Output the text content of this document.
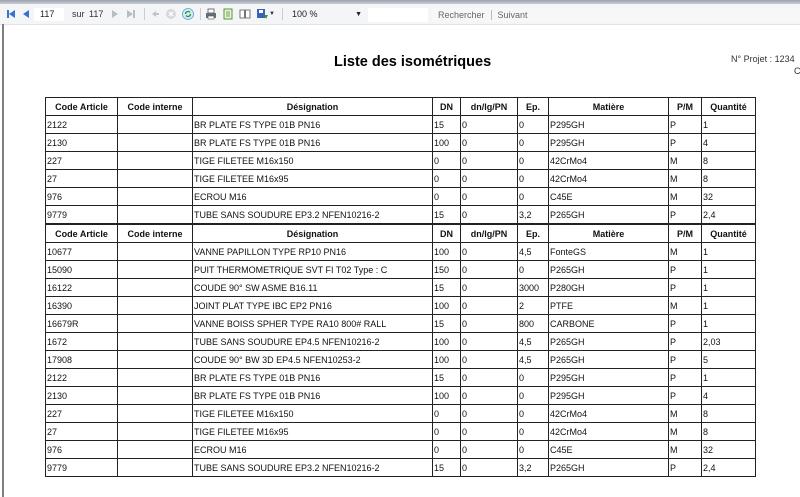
117	sur 117	▼	100 %	▼	Rechercher	Suivant
Liste des isométriques	N° Projet : 1234
C
Code Article	Code interne	Désignation	DN	dn/lg/PN	Ep.	Matière	P/M	Quantité
2122		BR PLATE FS TYPE 01B PN16	15	0	0	P295GH	P	1
2130		BR PLATE FS TYPE 01B PN16	100	0	0	P295GH	P	4
227		TIGE FILETEE M16x150	0	0	0	42CrMo4	M	8
27		TIGE FILETEE M16x95	0	0	0	42CrMo4	M	8
976		ECROU M16	0	0	0	C45E	M	32
9779		TUBE SANS SOUDURE EP3.2 NFEN10216-2	15	0	3,2	P265GH	P	2,4
Code Article	Code interne	Désignation	DN	dn/lg/PN	Ep.	Matière	P/M	Quantité
10677		VANNE PAPILLON TYPE RP10 PN16	100	0	4,5	FonteGS	M	1
15090		PUIT THERMOMETRIQUE SVT FI T02 Type : C	150	0	0	P265GH	P	1
16122		COUDE 90° SW ASME B16.11	15	0	3000	P280GH	P	1
16390		JOINT PLAT TYPE IBC EP2 PN16	100	0	2	PTFE	M	1
16679R		VANNE BOISS SPHER TYPE RA10 800# RALL	15	0	800	CARBONE	P	1
1672		TUBE SANS SOUDURE EP4.5 NFEN10216-2	100	0	4,5	P265GH	P	2,03
17908		COUDE 90° BW 3D EP4.5 NFEN10253-2	100	0	4,5	P265GH	P	5
2122		BR PLATE FS TYPE 01B PN16	15	0	0	P295GH	P	1
2130		BR PLATE FS TYPE 01B PN16	100	0	0	P295GH	P	4
227		TIGE FILETEE M16x150	0	0	0	42CrMo4	M	8
27		TIGE FILETEE M16x95	0	0	0	42CrMo4	M	8
976		ECROU M16	0	0	0	C45E	M	32
9779		TUBE SANS SOUDURE EP3.2 NFEN10216-2	15	0	3,2	P265GH	P	2,4
